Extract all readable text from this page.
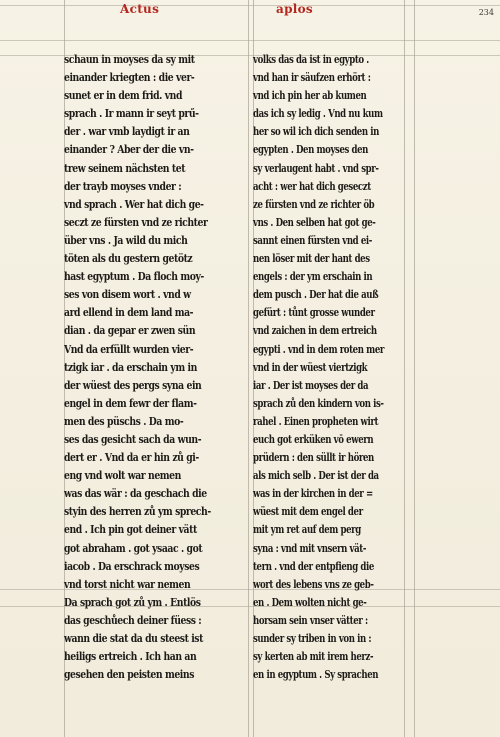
Actus	aplos	234
schaun in moyses da sy mit
einander kriegten : die ver-
sunet er in dem frid. vnd
sprach . Ir mann ir seyt prű-
der . war vmb laydigt ir an
einander ? Aber der die vn-
trew seinem nächsten tet
der trayb moyses vnder :
vnd sprach . Wer hat dich ge-
seczt ze fürsten vnd ze richter
über vns . Ja wild du mich
töten als du gestern getötz
hast egyptum . Da floch moy-
ses von disem wort . vnd w
ard ellend in dem land ma-
dian . da gepar er zwen sün
Vnd da erfüllt wurden vier-
tzigk iar . da erschain ym in
der wüest des pergs syna ein
engel in dem fewr der flam-
men des püschs . Da mo-
ses das gesicht sach da wun-
dert er . Vnd da er hin zů gi-
eng vnd wolt war nemen
was das wär : da geschach die
styin des herren zů ym sprech-
end . Ich pin got deiner vätt
got abraham . got ysaac . got
iacob . Da erschrack moyses
vnd torst nicht war nemen
Da sprach got zů ym . Entlös
das geschůech deiner füess :
wann die stat da du steest ist
heiligs ertreich . Ich han an
gesehen den peisten meins
volks das da ist in egypto .
vnd han ir säufzen erhört :
vnd ich pin her ab kumen
das ich sy ledig . Vnd nu kum
her so wil ich dich senden in
egypten . Den moyses den
sy verlaugent habt . vnd spr-
acht : wer hat dich geseczt
ze fürsten vnd ze richter öb
vns . Den selben hat got ge-
sannt einen fürsten vnd ei-
nen löser mit der hant des
engels : der ym erschain in
dem pusch . Der hat die auß
gefürt : tůnt grosse wunder
vnd zaichen in dem ertreich
egypti . vnd in dem roten mer
vnd in der wüest viertzigk
iar . Der ist moyses der da
sprach zů den kindern von is-
rahel . Einen propheten wirt
euch got erküken vō ewern
prüdern : den süllt ir hören
als mich selb . Der ist der da
was in der kirchen in der =
wüest mit dem engel der
mit ym ret auf dem perg
syna : vnd mit vnsern vät-
tern . vnd der entpfieng die
wort des lebens vns ze geb-
en . Dem wolten nicht ge-
horsam sein vnser vätter :
sunder sy triben in von in :
sy kerten ab mit irem herz-
en in egyptum . Sy sprachen
